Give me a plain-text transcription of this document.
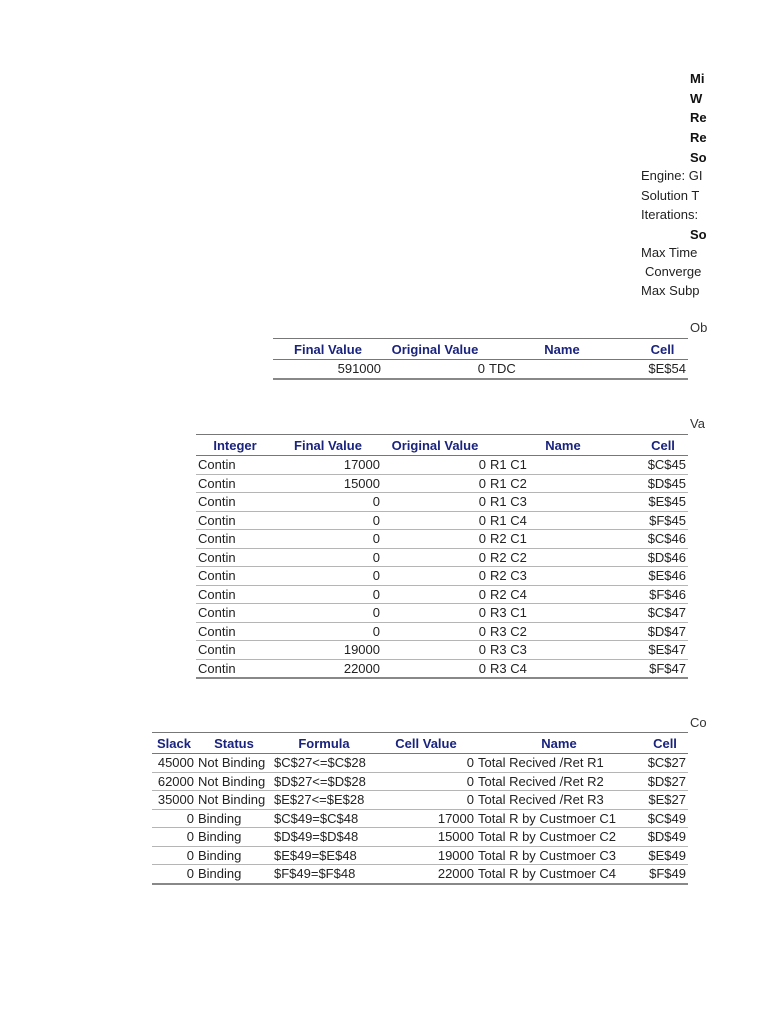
Mi
W
Re
Re
So
Engine: GI
Solution T
Iterations:
So
Max Time
Converge
Max Subp
Ob
Final Value	Original Value	Name	Cell
591000	0	TDC	$E$54
Va
Integer	Final Value	Original Value	Name	Cell
Contin	17000	0	R1 C1	$C$45
Contin	15000	0	R1 C2	$D$45
Contin	0	0	R1 C3	$E$45
Contin	0	0	R1 C4	$F$45
Contin	0	0	R2 C1	$C$46
Contin	0	0	R2 C2	$D$46
Contin	0	0	R2 C3	$E$46
Contin	0	0	R2 C4	$F$46
Contin	0	0	R3 C1	$C$47
Contin	0	0	R3 C2	$D$47
Contin	19000	0	R3 C3	$E$47
Contin	22000	0	R3 C4	$F$47
Co
Slack	Status	Formula	Cell Value	Name	Cell
45000	Not Binding	$C$27<=$C$28	0	Total Recived /Ret R1	$C$27
62000	Not Binding	$D$27<=$D$28	0	Total Recived /Ret R2	$D$27
35000	Not Binding	$E$27<=$E$28	0	Total Recived /Ret R3	$E$27
0	Binding	$C$49=$C$48	17000	Total R by Custmoer C1	$C$49
0	Binding	$D$49=$D$48	15000	Total R by Custmoer C2	$D$49
0	Binding	$E$49=$E$48	19000	Total R by Custmoer C3	$E$49
0	Binding	$F$49=$F$48	22000	Total R by Custmoer C4	$F$49
